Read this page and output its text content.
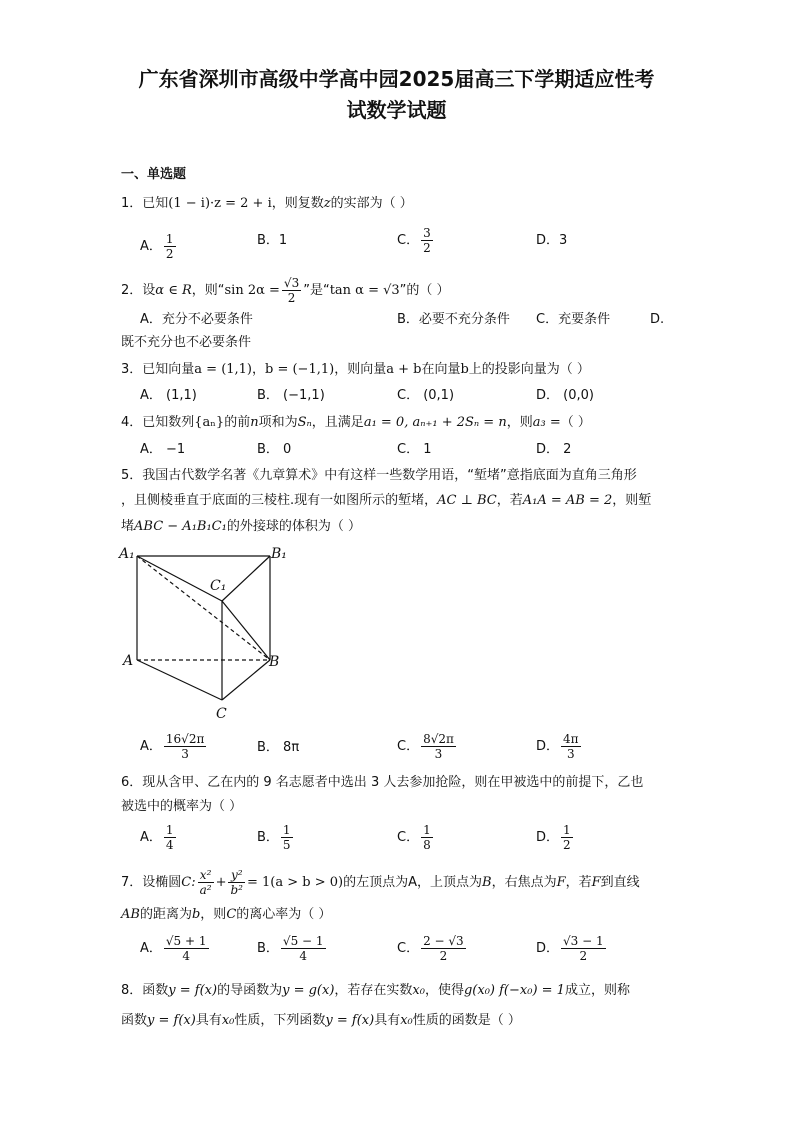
广东省深圳市高级中学高中园2025届高三下学期适应性考
试数学试题
一、单选题
1．已知(1 − i)·z = 2 + i，则复数z的实部为（ ）
A． $\frac{1}{2}$	B．1	C． $\frac{3}{2}$	D．3
2．设α ∈ R，则“sin $2\alpha = \frac{√3}{2}$ ”是“tan α = √3”的（ ）
A．充分不必要条件	B．必要不充分条件 C．充要条件	D.
既不充分也不必要条件
3．已知向量a = (1,1)，b = (−1,1)，则向量a + b在向量b上的投影向量为（ ）
A． (1,1)	B． (−1,1)	C． (0,1)	D． (0,0)
4．已知数列{aₙ}的前n项和为Sₙ，且满足a₁ = 0, aₙ₊₁ + 2Sₙ = n，则a₃ =（ ）
A． −1	B． 0	C． 1	D． 2
5．我国古代数学名著《九章算术》中有这样一些数学用语，“堑堵”意指底面为直角三角形
，且侧棱垂直于底面的三棱柱.现有一如图所示的堑堵，AC ⊥ BC，若A₁A = AB = 2，则堑
堵ABC − A₁B₁C₁的外接球的体积为（ ）
A₁	B₁
C₁
A	B
C
A． $\frac{16√2\pi}{3}$	B． 8π	C． $\frac{8√2\pi}{3}$	D． $\frac{4\pi}{3}$
6．现从含甲、乙在内的 9 名志愿者中选出 3 人去参加抢险，则在甲被选中的前提下，乙也
被选中的概率为（ ）
A． $\frac{1}{4}$	B． $\frac{1}{5}$	C． $\frac{1}{8}$	D． $\frac{1}{2}$
7．设椭圆C: $\frac{\text{x²}}{\text{a²}} + \frac{\text{y²}}{\text{b²}} = 1(a > b > 0)$的左顶点为A，上顶点为B，右焦点为F，若F到直线
AB的距离为b，则C的离心率为（ ）
A． $\frac{√5 + 1}{4}$	B． $\frac{√5 - 1}{4}$	C． $\frac{2 - √3}{2}$	D． $\frac{√3 - 1}{2}$
8．函数y = f(x)的导函数为y = g(x)，若存在实数x₀，使得g(x₀) f(−x₀) = 1成立，则称
函数y = f(x)具有x₀性质，下列函数y = f(x)具有x₀性质的函数是（ ）
